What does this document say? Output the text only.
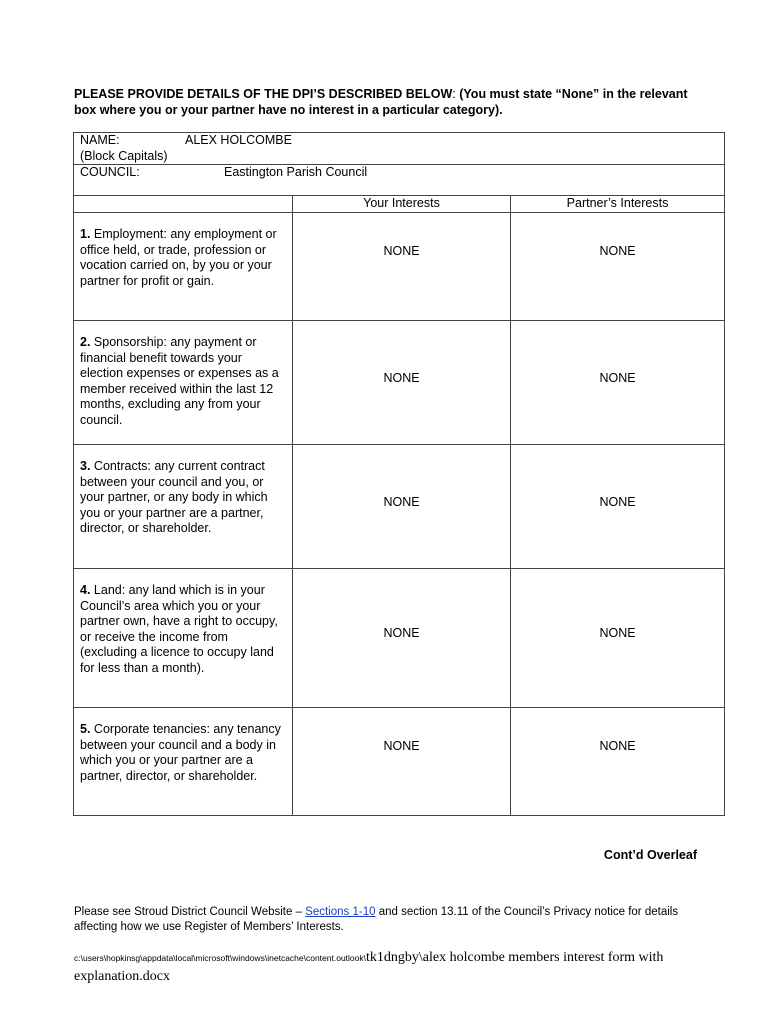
PLEASE PROVIDE DETAILS OF THE DPI’S DESCRIBED BELOW: (You must state “None” in the relevant box where you or your partner have no interest in a particular category).
NAME: ALEX HOLCOMBE
(Block Capitals)		
COUNCIL: Eastington Parish Council		
	Your Interests	Partner’s Interests
1. Employment: any employment or office held, or trade, profession or vocation carried on, by you or your partner for profit or gain.	NONE	NONE
2. Sponsorship: any payment or financial benefit towards your election expenses or expenses as a member received within the last 12 months, excluding any from your council.	NONE	NONE
3. Contracts: any current contract between your council and you, or your partner, or any body in which you or your partner are a partner, director, or shareholder.	NONE	NONE
4. Land: any land which is in your Council’s area which you or your partner own, have a right to occupy, or receive the income from (excluding a licence to occupy land for less than a month).	NONE	NONE
5. Corporate tenancies: any tenancy between your council and a body in which you or your partner are a partner, director, or shareholder.	NONE	NONE
Cont’d Overleaf
Please see Stroud District Council Website – Sections 1-10 and section 13.11 of the Council’s Privacy notice for details affecting how we use Register of Members’ Interests.
c:\users\hopkinsg\appdata\local\microsoft\windows\inetcache\content.outlook\tk1dngby\alex holcombe members interest form with explanation.docx
